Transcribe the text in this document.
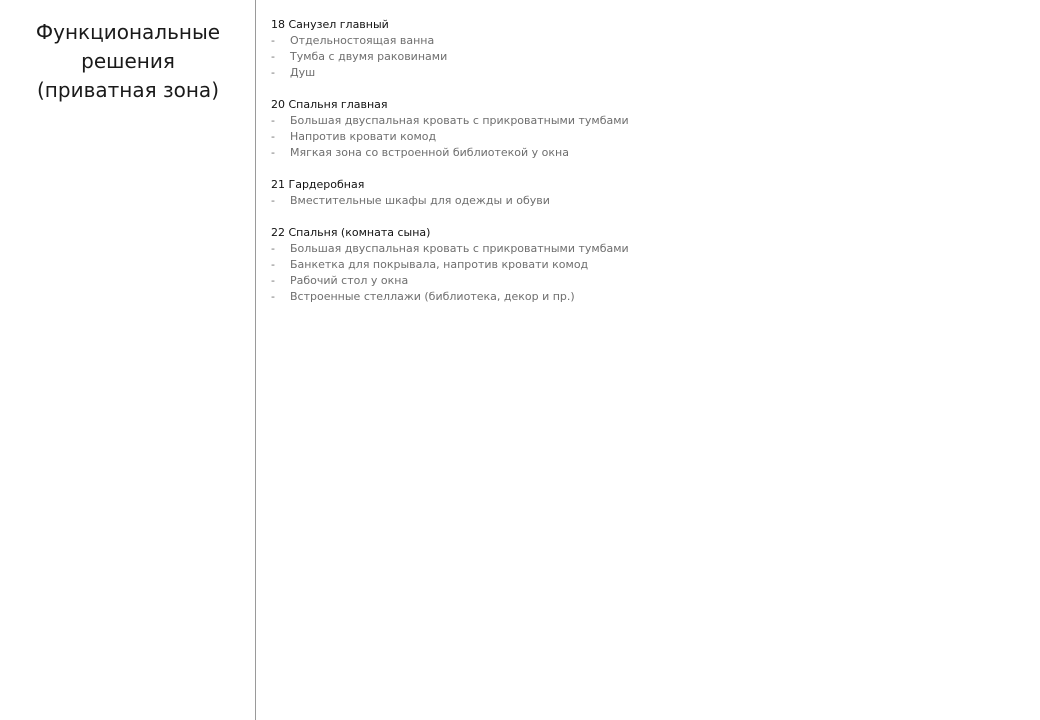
Функциональные
решения
(приватная зона)
18 Санузел главный
- Отдельностоящая ванна
- Тумба с двумя раковинами
- Душ
20 Спальня главная
- Большая двуспальная кровать с прикроватными тумбами
- Напротив кровати комод
- Мягкая зона со встроенной библиотекой у окна
21 Гардеробная
- Вместительные шкафы для одежды и обуви
22 Спальня (комната сына)
- Большая двуспальная кровать с прикроватными тумбами
- Банкетка для покрывала, напротив кровати комод
- Рабочий стол у окна
- Встроенные стеллажи (библиотека, декор и пр.)
